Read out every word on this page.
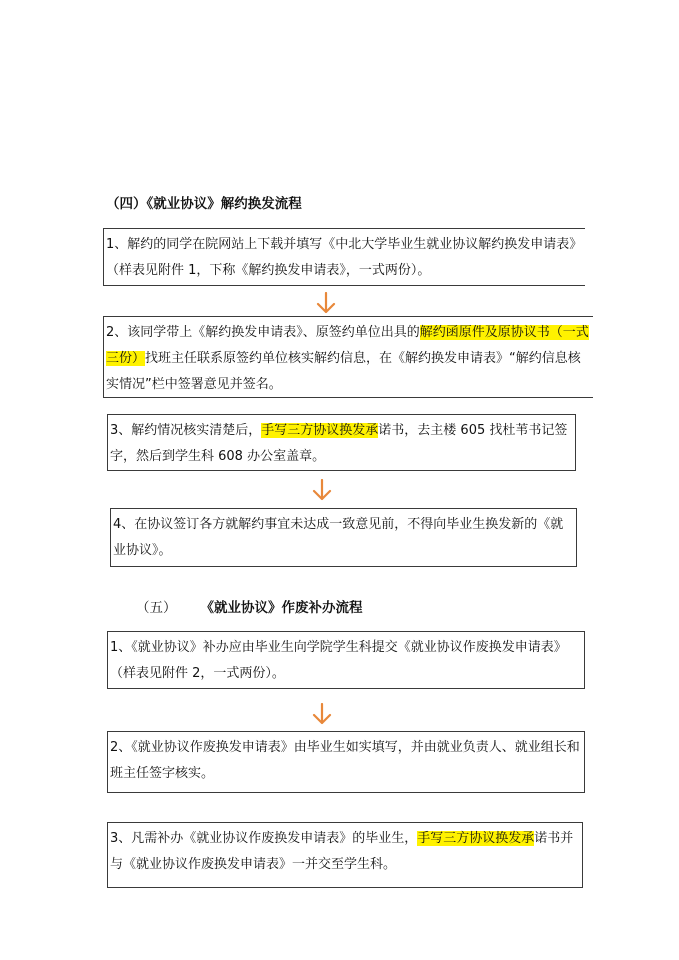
（四）《就业协议》解约换发流程
1、解约的同学在院网站上下载并填写《中北大学毕业生就业协议解约换发申请表》（样表见附件 1，下称《解约换发申请表》，一式两份）。
2、该同学带上《解约换发申请表》、原签约单位出具的解约函原件及原协议书（一式三份）找班主任联系原签约单位核实解约信息，在《解约换发申请表》“解约信息核实情况”栏中签署意见并签名。
3、解约情况核实清楚后，手写三方协议换发承诺书，去主楼 605 找杜苇书记签字，然后到学生科 608 办公室盖章。
4、在协议签订各方就解约事宜未达成一致意见前，不得向毕业生换发新的《就业协议》。
（五） 《就业协议》作废补办流程
1、《就业协议》补办应由毕业生向学院学生科提交《就业协议作废换发申请表》（样表见附件 2，一式两份）。
2、《就业协议作废换发申请表》由毕业生如实填写，并由就业负责人、就业组长和班主任签字核实。
3、凡需补办《就业协议作废换发申请表》的毕业生，手写三方协议换发承诺书并与《就业协议作废换发申请表》一并交至学生科。
